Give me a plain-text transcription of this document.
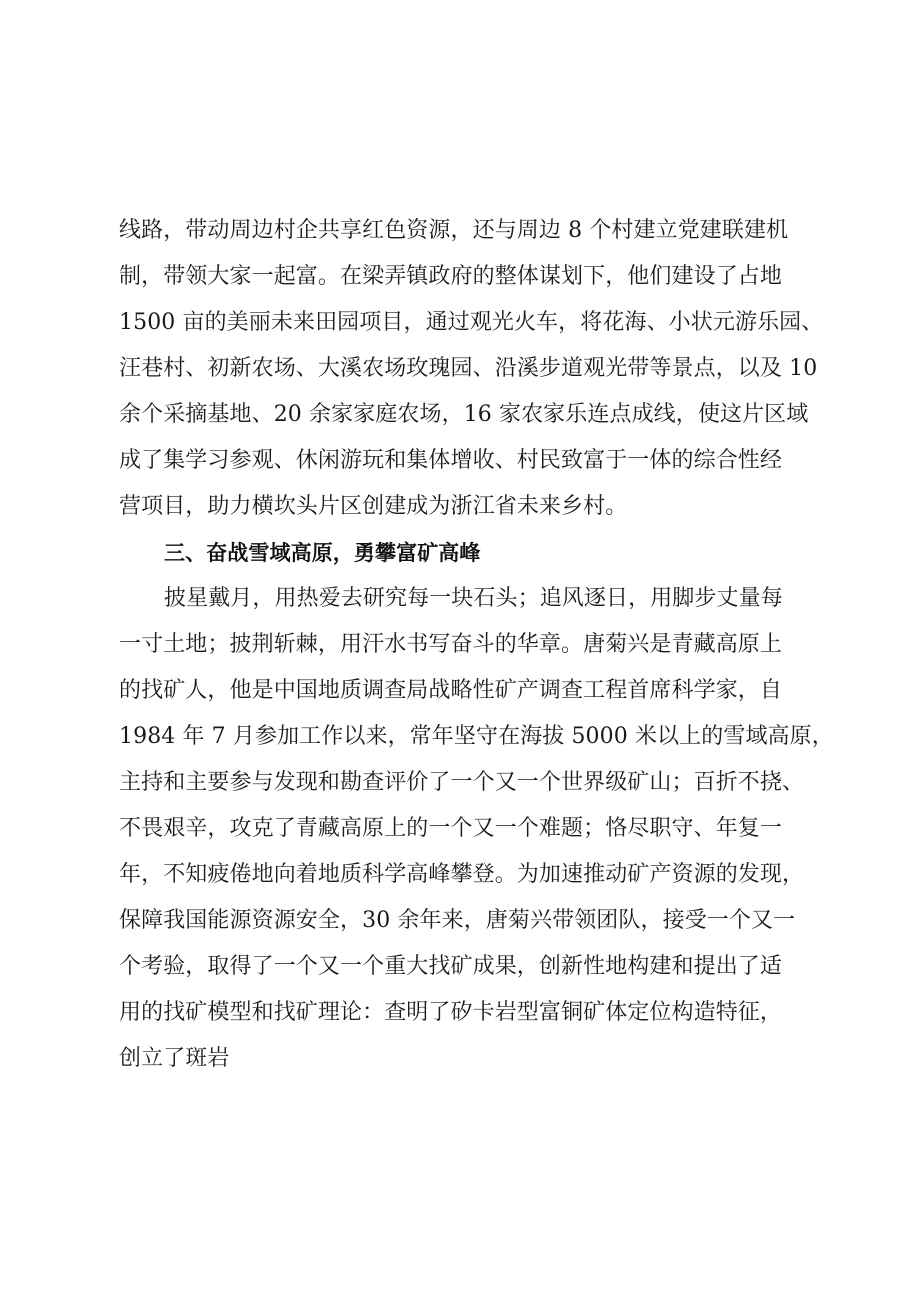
线路，带动周边村企共享红色资源，还与周边 8 个村建立党建联建机
制，带领大家一起富。在梁弄镇政府的整体谋划下，他们建设了占地
1500 亩的美丽未来田园项目，通过观光火车，将花海、小状元游乐园、
汪巷村、初新农场、大溪农场玫瑰园、沿溪步道观光带等景点，以及 10
余个采摘基地、20 余家家庭农场，16 家农家乐连点成线，使这片区域
成了集学习参观、休闲游玩和集体增收、村民致富于一体的综合性经
营项目，助力横坎头片区创建成为浙江省未来乡村。
三、奋战雪域高原，勇攀富矿高峰
披星戴月，用热爱去研究每一块石头；追风逐日，用脚步丈量每
一寸土地；披荆斩棘，用汗水书写奋斗的华章。唐菊兴是青藏高原上
的找矿人，他是中国地质调查局战略性矿产调查工程首席科学家，自
1984 年 7 月参加工作以来，常年坚守在海拔 5000 米以上的雪域高原，
主持和主要参与发现和勘查评价了一个又一个世界级矿山；百折不挠、
不畏艰辛，攻克了青藏高原上的一个又一个难题；恪尽职守、年复一
年，不知疲倦地向着地质科学高峰攀登。为加速推动矿产资源的发现，
保障我国能源资源安全，30 余年来，唐菊兴带领团队，接受一个又一
个考验，取得了一个又一个重大找矿成果，创新性地构建和提出了适
用的找矿模型和找矿理论：查明了矽卡岩型富铜矿体定位构造特征，
创立了斑岩
